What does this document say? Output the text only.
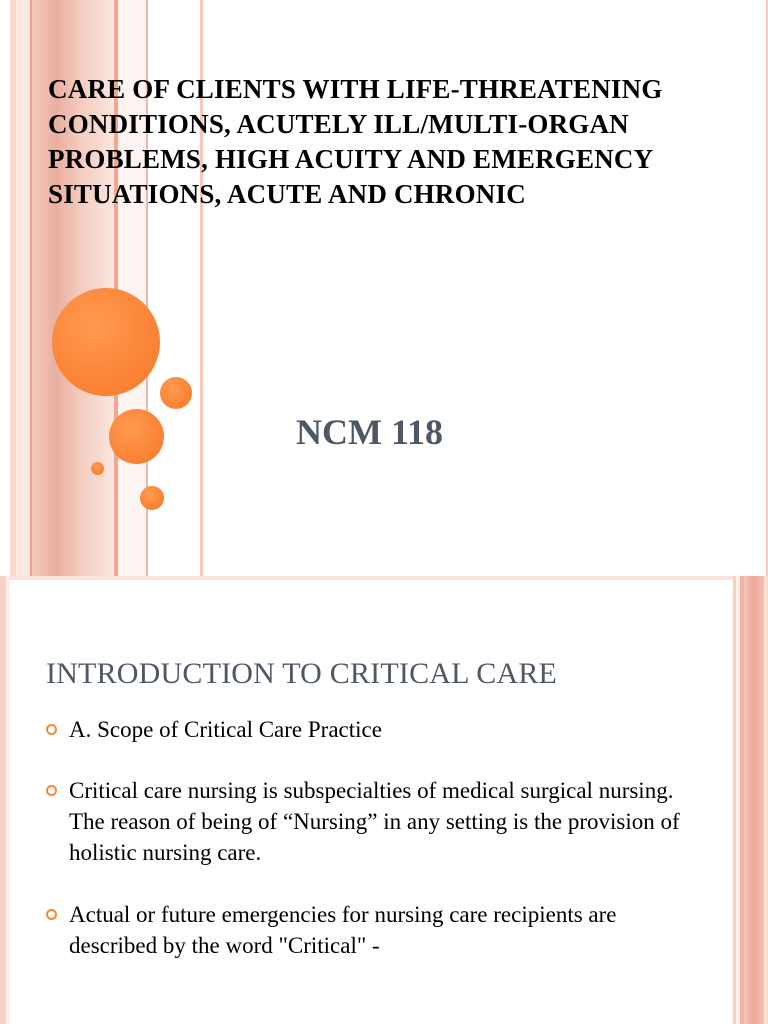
CARE OF CLIENTS WITH LIFE-THREATENING CONDITIONS, ACUTELY ILL/MULTI-ORGAN PROBLEMS, HIGH ACUITY AND EMERGENCY SITUATIONS, ACUTE AND CHRONIC
NCM 118
INTRODUCTION TO CRITICAL CARE
A. Scope of Critical Care Practice
Critical care nursing is subspecialties of medical surgical nursing. The reason of being of “Nursing” in any setting is the provision of holistic nursing care.
Actual or future emergencies for nursing care recipients are described by the word "Critical" -
